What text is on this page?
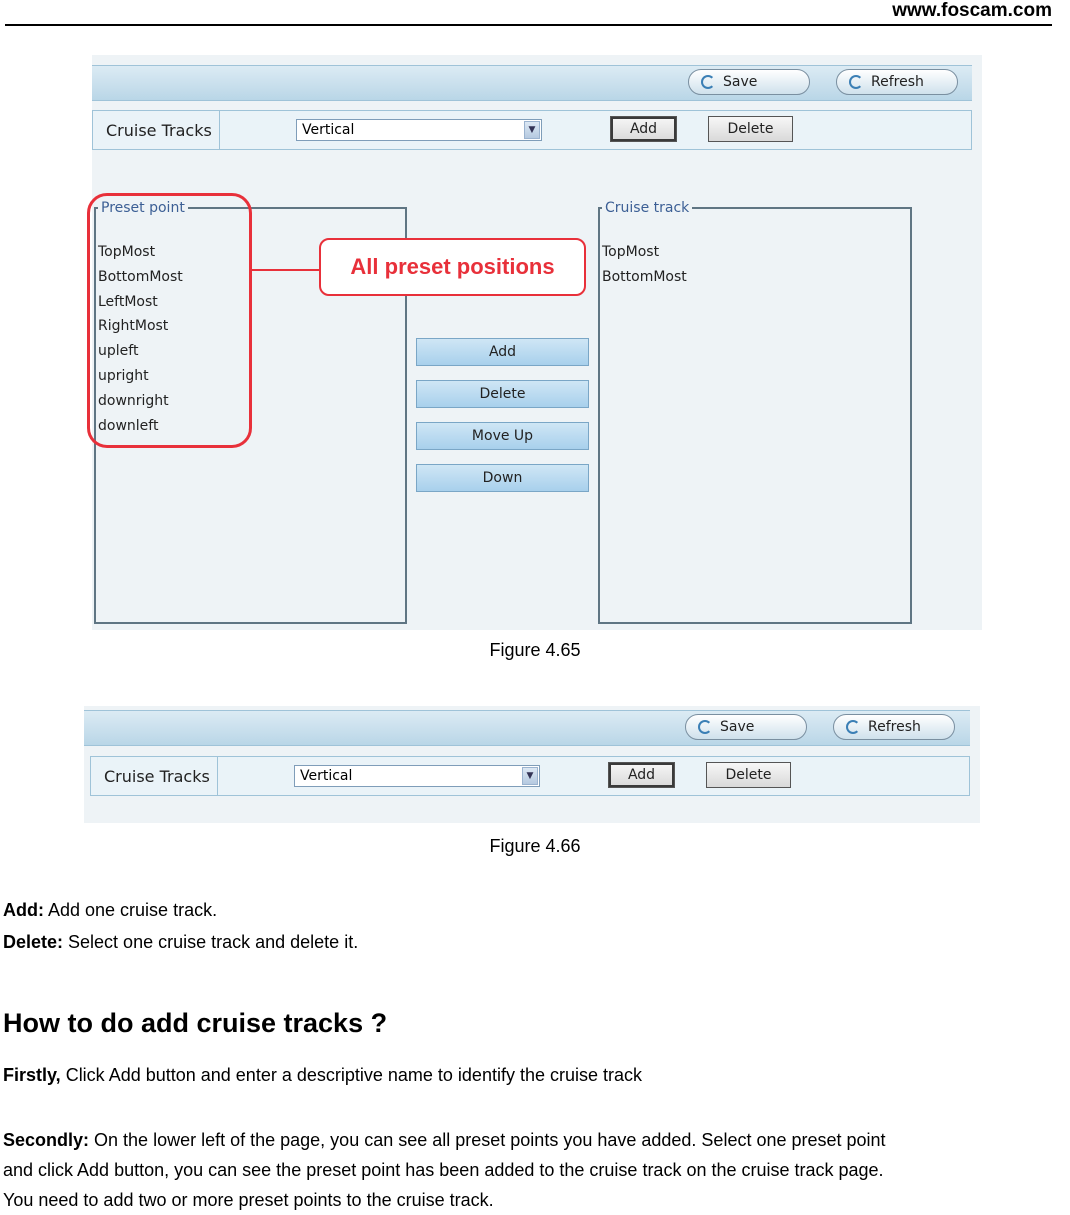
www.foscam.com
Save	Refresh
Cruise Tracks	Vertical	▼	Add	Delete
Preset point
TopMost
BottomMost
LeftMost
RightMost
upleft
upright
downright
downleft
Add
Delete
Move Up
Down
Cruise track
TopMost
BottomMost
All preset positions
Figure 4.65
Save	Refresh
Cruise Tracks	Vertical	▼	Add	Delete
Figure 4.66
Add: Add one cruise track.
Delete: Select one cruise track and delete it.
How to do add cruise tracks ?
Firstly, Click Add button and enter a descriptive name to identify the cruise track
Secondly: On the lower left of the page, you can see all preset points you have added. Select one preset point
and click Add button, you can see the preset point has been added to the cruise track on the cruise track page.
You need to add two or more preset points to the cruise track.
